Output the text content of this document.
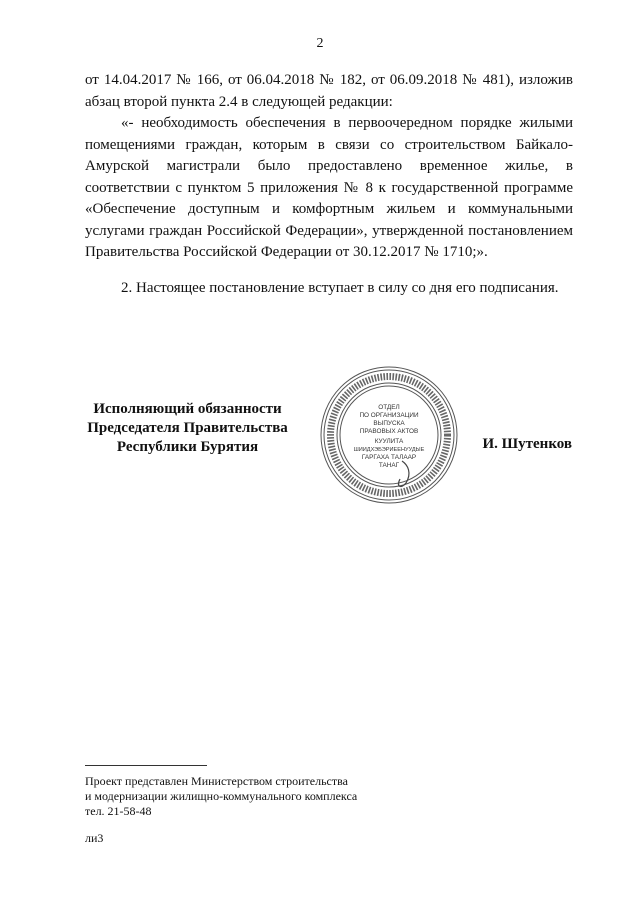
2

от 14.04.2017 № 166, от 06.04.2018 № 182, от 06.09.2018 № 481), изложив абзац второй пункта 2.4 в следующей редакции:

«- необходимость обеспечения в первоочередном порядке жилыми помещениями граждан, которым в связи со строительством Байкало-Амурской магистрали было предоставлено временное жилье, в соответствии с пунктом 5 приложения № 8 к государственной программе «Обеспечение доступным и комфортным жильем и коммунальными услугами граждан Российской Федерации», утвержденной постановлением Правительства Российской Федерации от 30.12.2017 № 1710;».

2. Настоящее постановление вступает в силу со дня его подписания.

Исполняющий обязанности
Председателя Правительства
Республики Бурятия
ОТДЕЛ
ПО ОРГАНИЗАЦИИ
ВЫПУСКА
ПРАВОВЫХ АКТОВ
КУУЛИТА
ШИИДХЭБЭРИЕЕНУУДЫЕ
ГАРГАХА ТАЛААР
ТАНАГ
И. Шутенков
Проект представлен Министерством строительства
и модернизации жилищно-коммунального комплекса
тел. 21-58-48
ли3
